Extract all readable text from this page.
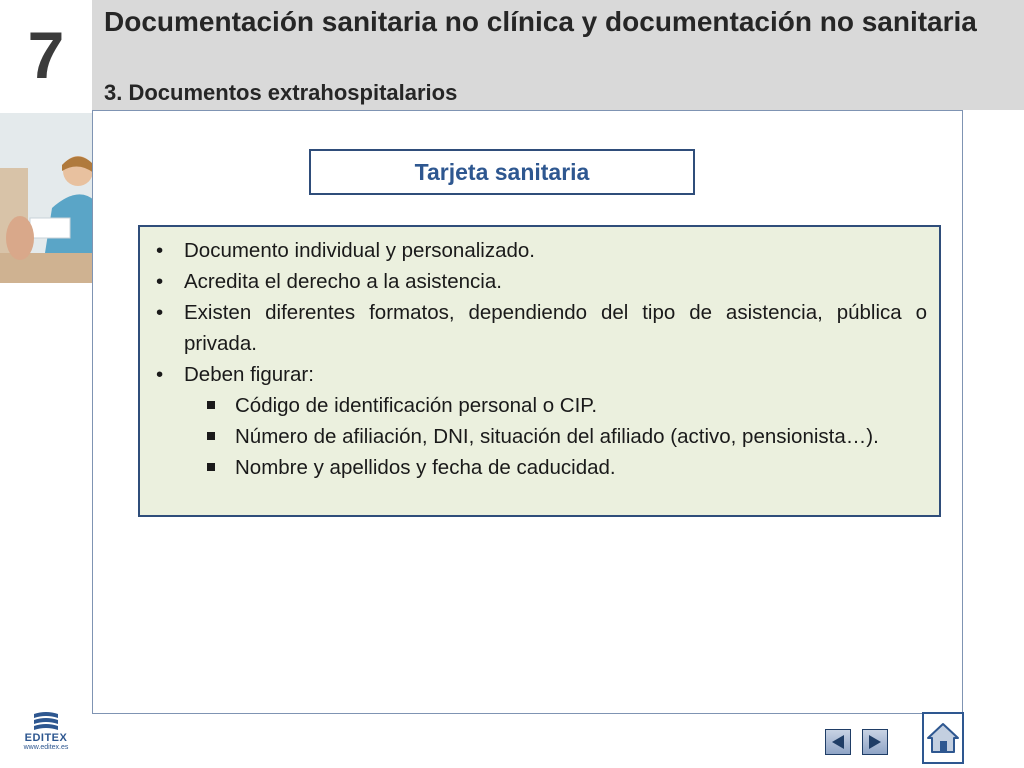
7	Documentación sanitaria no clínica y documentación no sanitaria
3. Documentos extrahospitalarios
Tarjeta sanitaria
• Documento individual y personalizado.
• Acredita el derecho a la asistencia.
• Existen diferentes formatos, dependiendo del tipo de asistencia, pública o privada.
• Deben figurar:
Código de identificación personal o CIP.
Número de afiliación, DNI, situación del afiliado (activo, pensionista…).
Nombre y apellidos y fecha de caducidad.
EDITEX
www.editex.es
